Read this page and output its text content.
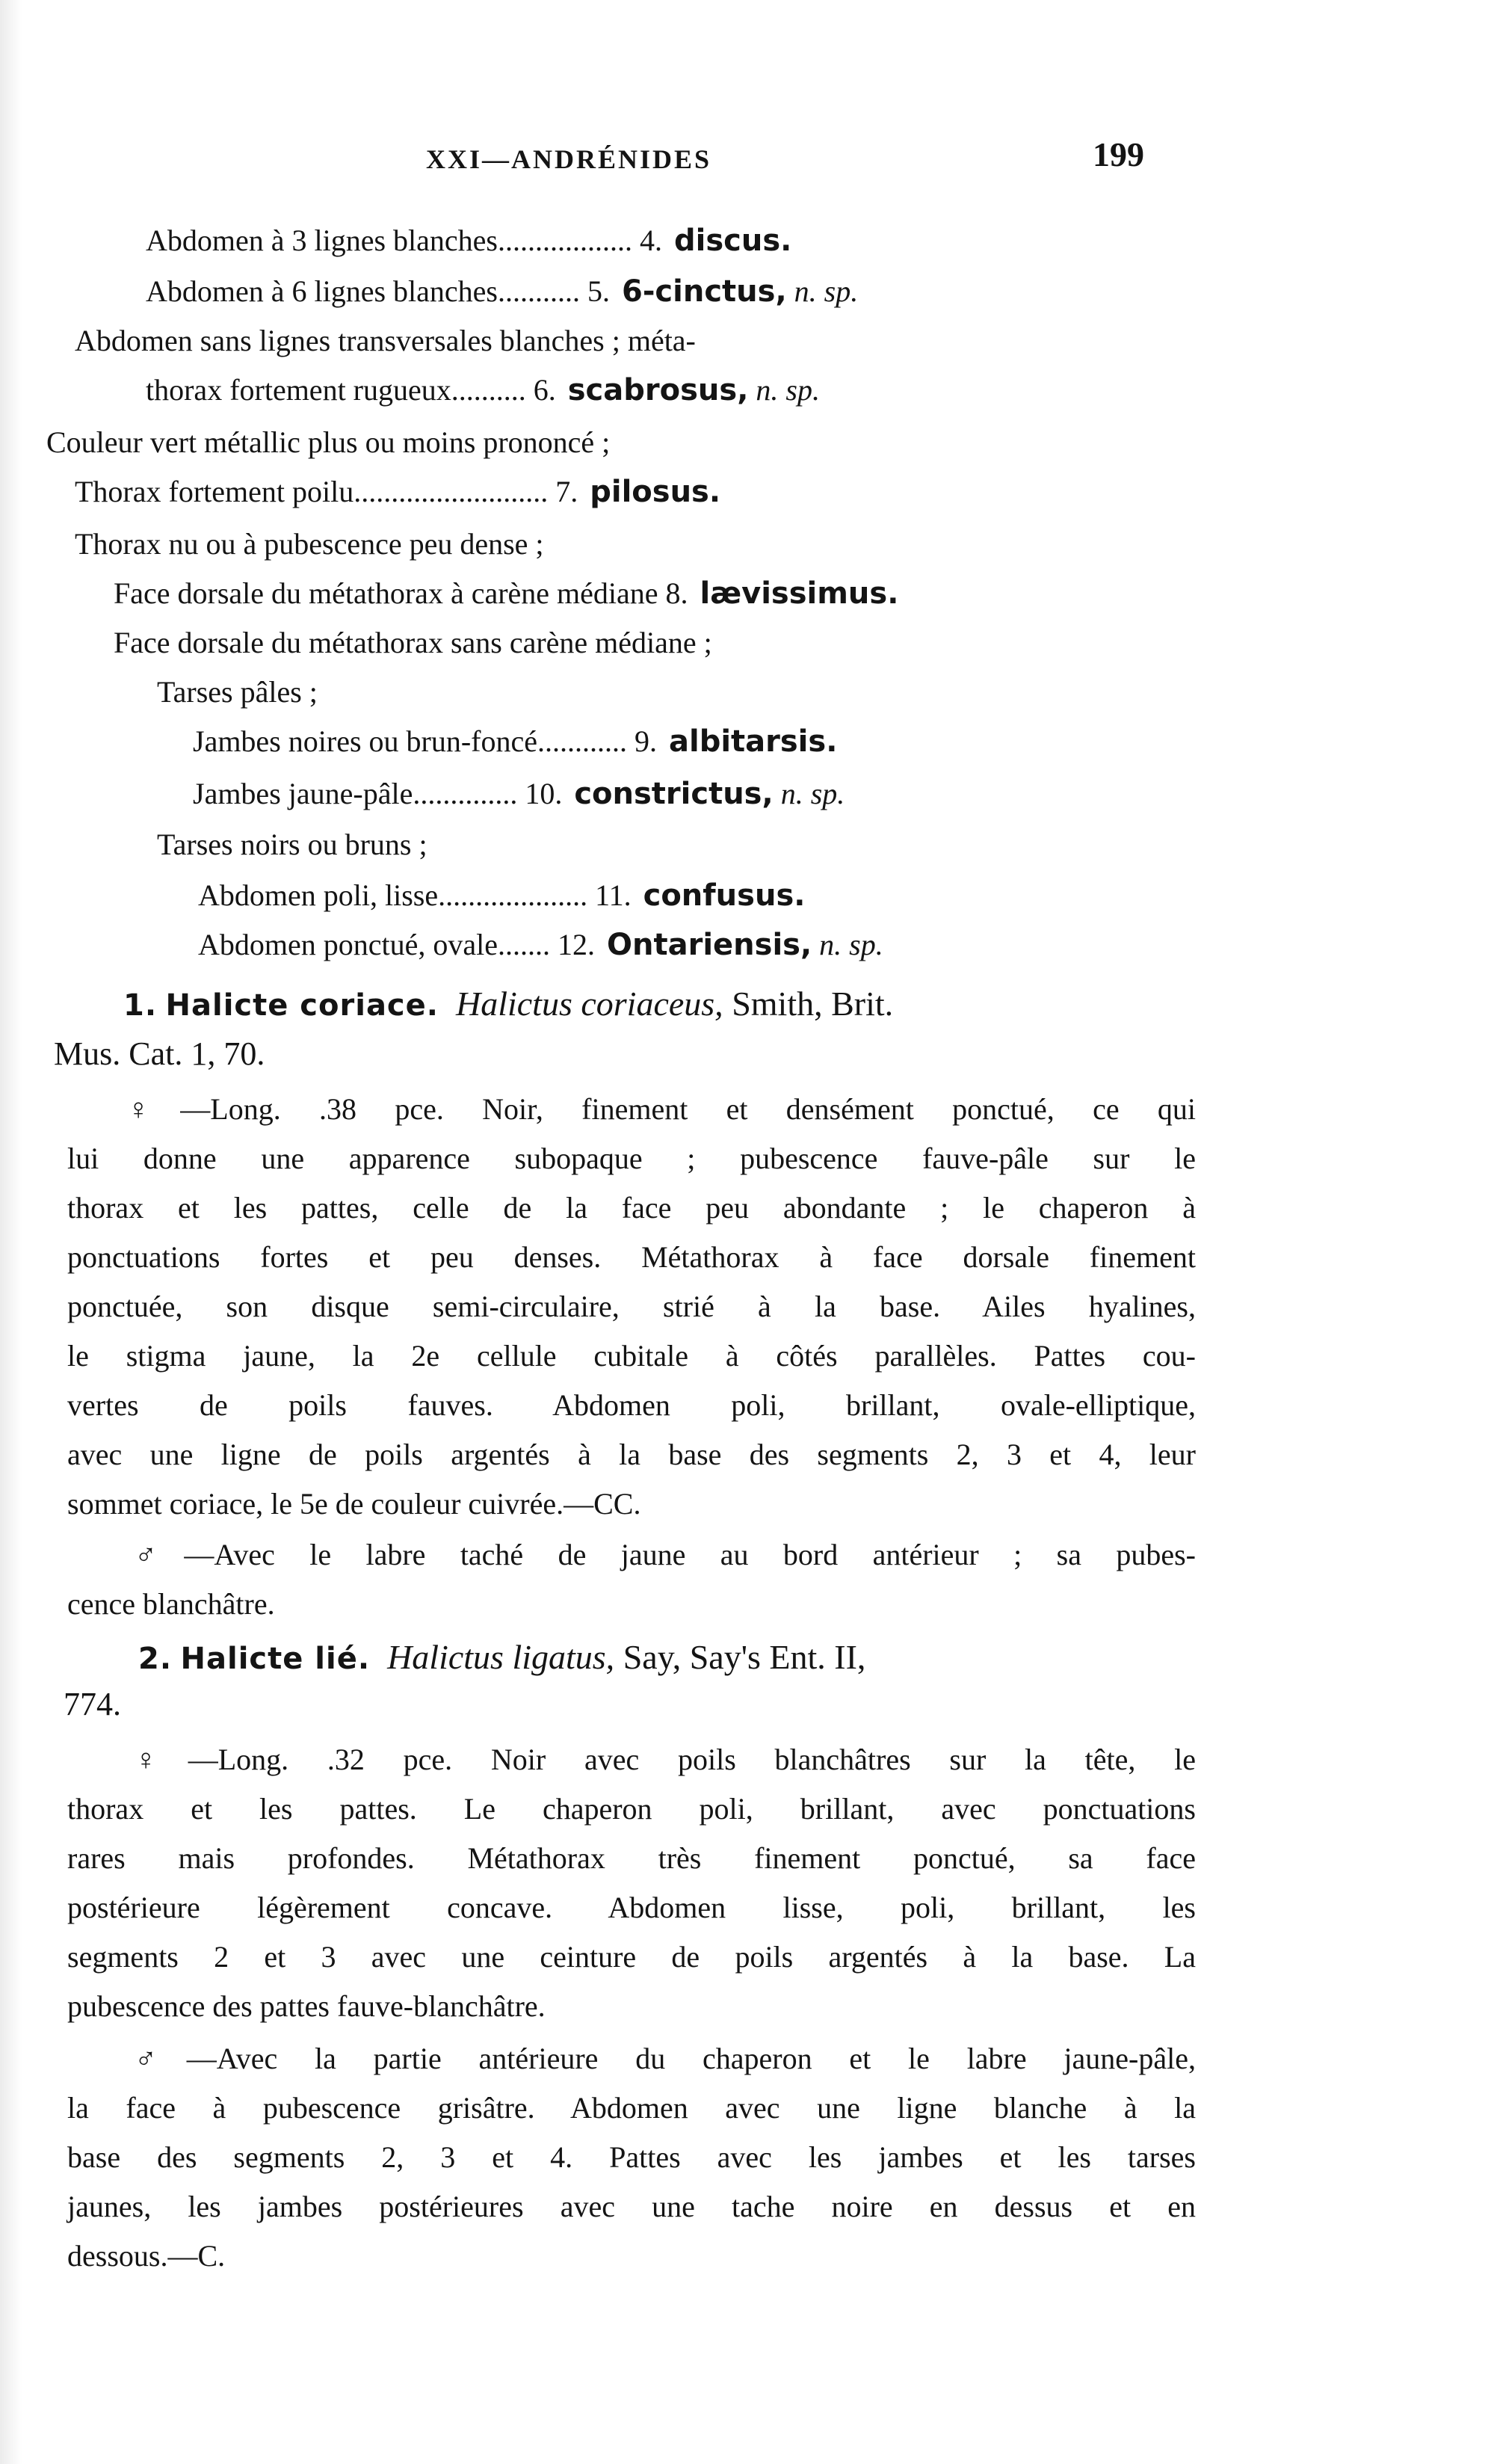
XXI—ANDRÉNIDES	199
Abdomen à 3 lignes blanches.................. 4. discus.
Abdomen à 6 lignes blanches........... 5. 6-cinctus, n. sp.
Abdomen sans lignes transversales blanches ; méta-
thorax fortement rugueux.......... 6. scabrosus, n. sp.
Couleur vert métallic plus ou moins prononcé ;
Thorax fortement poilu.......................... 7. pilosus.
Thorax nu ou à pubescence peu dense ;
Face dorsale du métathorax à carène médiane 8. lævissimus.
Face dorsale du métathorax sans carène médiane ;
Tarses pâles ;
Jambes noires ou brun-foncé............ 9. albitarsis.
Jambes jaune-pâle.............. 10. constrictus, n. sp.
Tarses noirs ou bruns ;
Abdomen poli, lisse.................... 11. confusus.
Abdomen ponctué, ovale....... 12. Ontariensis, n. sp.
1. Halicte coriace. Halictus coriaceus, Smith, Brit.
Mus. Cat. 1, 70.
♀—Long. .38 pce. Noir, finement et densément ponctué, ce qui
lui donne une apparence subopaque ; pubescence fauve-pâle sur le
thorax et les pattes, celle de la face peu abondante ; le chaperon à
ponctuations fortes et peu denses. Métathorax à face dorsale finement
ponctuée, son disque semi-circulaire, strié à la base. Ailes hyalines,
le stigma jaune, la 2e cellule cubitale à côtés parallèles. Pattes cou-
vertes de poils fauves. Abdomen poli, brillant, ovale-elliptique,
avec une ligne de poils argentés à la base des segments 2, 3 et 4, leur
sommet coriace, le 5e de couleur cuivrée.—CC.
♂—Avec le labre taché de jaune au bord antérieur ; sa pubes-
cence blanchâtre.
2. Halicte lié. Halictus ligatus, Say, Say's Ent. II,
774.
♀—Long. .32 pce. Noir avec poils blanchâtres sur la tête, le
thorax et les pattes. Le chaperon poli, brillant, avec ponctuations
rares mais profondes. Métathorax très finement ponctué, sa face
postérieure légèrement concave. Abdomen lisse, poli, brillant, les
segments 2 et 3 avec une ceinture de poils argentés à la base. La
pubescence des pattes fauve-blanchâtre.
♂—Avec la partie antérieure du chaperon et le labre jaune-pâle,
la face à pubescence grisâtre. Abdomen avec une ligne blanche à la
base des segments 2, 3 et 4. Pattes avec les jambes et les tarses
jaunes, les jambes postérieures avec une tache noire en dessus et en
dessous.—C.
